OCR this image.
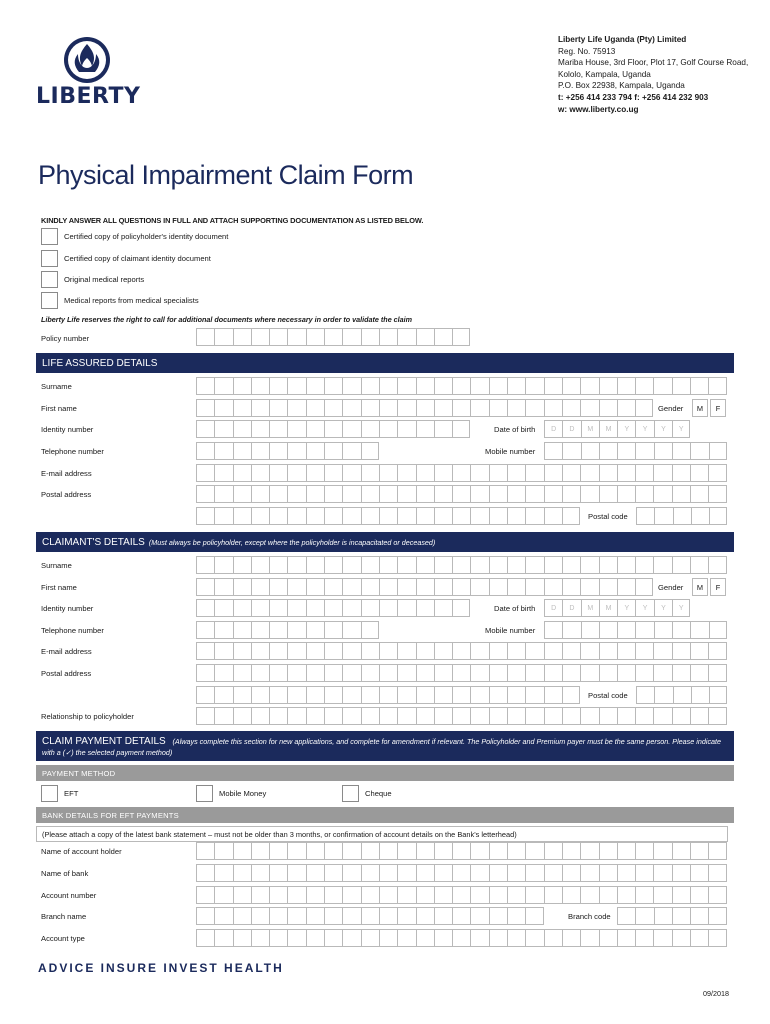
LIBERTY
Liberty Life Uganda (Pty) Limited
Reg. No. 75913
Mariba House, 3rd Floor, Plot 17, Golf Course Road,
Kololo, Kampala, Uganda
P.O. Box 22938, Kampala, Uganda
t: +256 414 233 794 f: +256 414 232 903
w: www.liberty.co.ug
Physical Impairment Claim Form
KINDLY ANSWER ALL QUESTIONS IN FULL AND ATTACH SUPPORTING DOCUMENTATION AS LISTED BELOW.
Certified copy of policyholder's identity document
Certified copy of claimant identity document
Original medical reports
Medical reports from medical specialists
Liberty Life reserves the right to call for additional documents where necessary in order to validate the claim
Policy number
LIFE ASSURED DETAILS
Surname
First name	Gender	M	F
Identity number	Date of birth	D	D	M	M	Y	Y	Y	Y
Telephone number	Mobile number
E-mail address
Postal address
Postal code
CLAIMANT'S DETAILS (Must always be policyholder, except where the policyholder is incapacitated or deceased)
Surname
First name	Gender	M	F
Identity number	Date of birth	D	D	M	M	Y	Y	Y	Y
Telephone number	Mobile number
E-mail address
Postal address
Postal code
Relationship to policyholder
CLAIM PAYMENT DETAILS (Always complete this section for new applications, and complete for amendment if relevant. The Policyholder and Premium payer must be the same person. Please indicate with a (✓) the selected payment method)
PAYMENT METHOD
EFT	Mobile Money	Cheque
BANK DETAILS FOR EFT PAYMENTS
(Please attach a copy of the latest bank statement – must not be older than 3 months, or confirmation of account details on the Bank's letterhead)
Name of account holder
Name of bank
Account number
Branch name	Branch code
Account type
ADVICE INSURE INVEST HEALTH
09/2018
